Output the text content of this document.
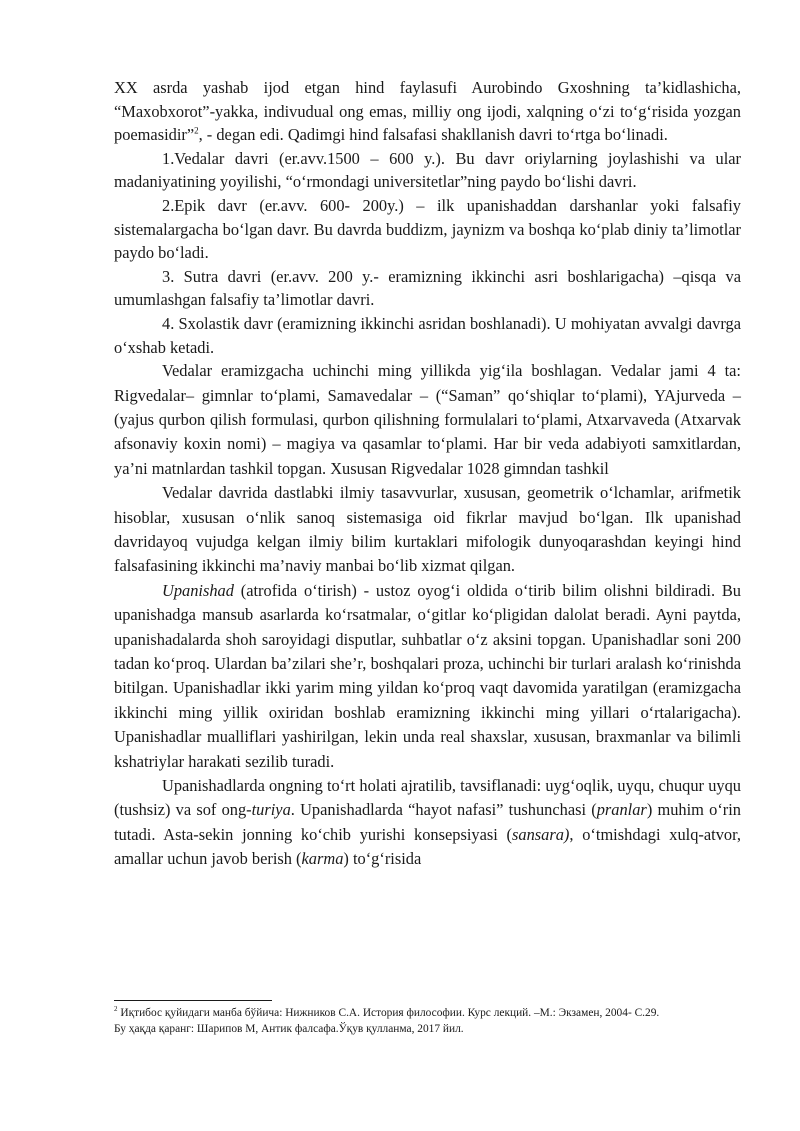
XX asrda yashab ijod etgan hind faylasufi Aurobindo Gxoshning ta’kidlashicha, “Maxobxorot”-yakka, indivudual ong emas, milliy ong ijodi, xalqning o‘zi to‘g‘risida yozgan poemasidir”$^2$, - degan edi. Qadimgi hind falsafasi shakllanish davri to‘rtga bo‘linadi.

1.Vedalar davri (er.avv.1500 – 600 y.). Bu davr oriylarning joylashishi va ular madaniyatining yoyilishi, “o‘rmondagi universitetlar”ning paydo bo‘lishi davri.

2.Epik davr (er.avv. 600- 200y.) – ilk upanishaddan darshanlar yoki falsafiy sistemalargacha bo‘lgan davr. Bu davrda buddizm, jaynizm va boshqa ko‘plab diniy ta’limotlar paydo bo‘ladi.

3. Sutra davri (er.avv. 200 y.- eramizning ikkinchi asri boshlarigacha) –qisqa va umumlashgan falsafiy ta’limotlar davri.

4. Sxolastik davr (eramizning ikkinchi asridan boshlanadi). U mohiyatan avvalgi davrga o‘xshab ketadi.

Vedalar eramizgacha uchinchi ming yillikda yig‘ila boshlagan. Vedalar jami 4 ta: Rigvedalar– gimnlar to‘plami, Samavedalar – (“Saman” qo‘shiqlar to‘plami), YAjurveda – (yajus qurbon qilish formulasi, qurbon qilishning formulalari to‘plami, Atxarvaveda (Atxarvak afsonaviy koxin nomi) – magiya va qasamlar to‘plami. Har bir veda adabiyoti samxitlardan, ya’ni matnlardan tashkil topgan. Xususan Rigvedalar 1028 gimndan tashkil

Vedalar davrida dastlabki ilmiy tasavvurlar, xususan, geometrik o‘lchamlar, arifmetik hisoblar, xususan o‘nlik sanoq sistemasiga oid fikrlar mavjud bo‘lgan. Ilk upanishad davridayoq vujudga kelgan ilmiy bilim kurtaklari mifologik dunyoqarashdan keyingi hind falsafasining ikkinchi ma’naviy manbai bo‘lib xizmat qilgan.

Upanishad (atrofida o‘tirish) - ustoz oyog‘i oldida o‘tirib bilim olishni bildiradi. Bu upanishadga mansub asarlarda ko‘rsatmalar, o‘gitlar ko‘pligidan dalolat beradi. Ayni paytda, upanishadalarda shoh saroyidagi disputlar, suhbatlar o‘z aksini topgan. Upanishadlar soni 200 tadan ko‘proq. Ulardan ba’zilari she’r, boshqalari proza, uchinchi bir turlari aralash ko‘rinishda bitilgan. Upanishadlar ikki yarim ming yildan ko‘proq vaqt davomida yaratilgan (eramizgacha ikkinchi ming yillik oxiridan boshlab eramizning ikkinchi ming yillari o‘rtalarigacha). Upanishadlar mualliflari yashirilgan, lekin unda real shaxslar, xususan, braxmanlar va bilimli kshatriylar harakati sezilib turadi.

Upanishadlarda ongning to‘rt holati ajratilib, tavsiflanadi: uyg‘oqlik, uyqu, chuqur uyqu (tushsiz) va sof ong-turiya. Upanishadlarda “hayot nafasi” tushunchasi (pranlar) muhim o‘rin tutadi. Asta-sekin jonning ko‘chib yurishi konsepsiyasi (sansara), o‘tmishdagi xulq-atvor, amallar uchun javob berish (karma) to‘g‘risida

$^2$ Иқтибос қуйидаги манба бўйича: Нижников С.А. История философии. Курс лекций. –М.: Экзамен, 2004- С.29.

Бу ҳақда қаранг: Шарипов М, Антик фалсафа.Ўқув қулланма, 2017 йил.
